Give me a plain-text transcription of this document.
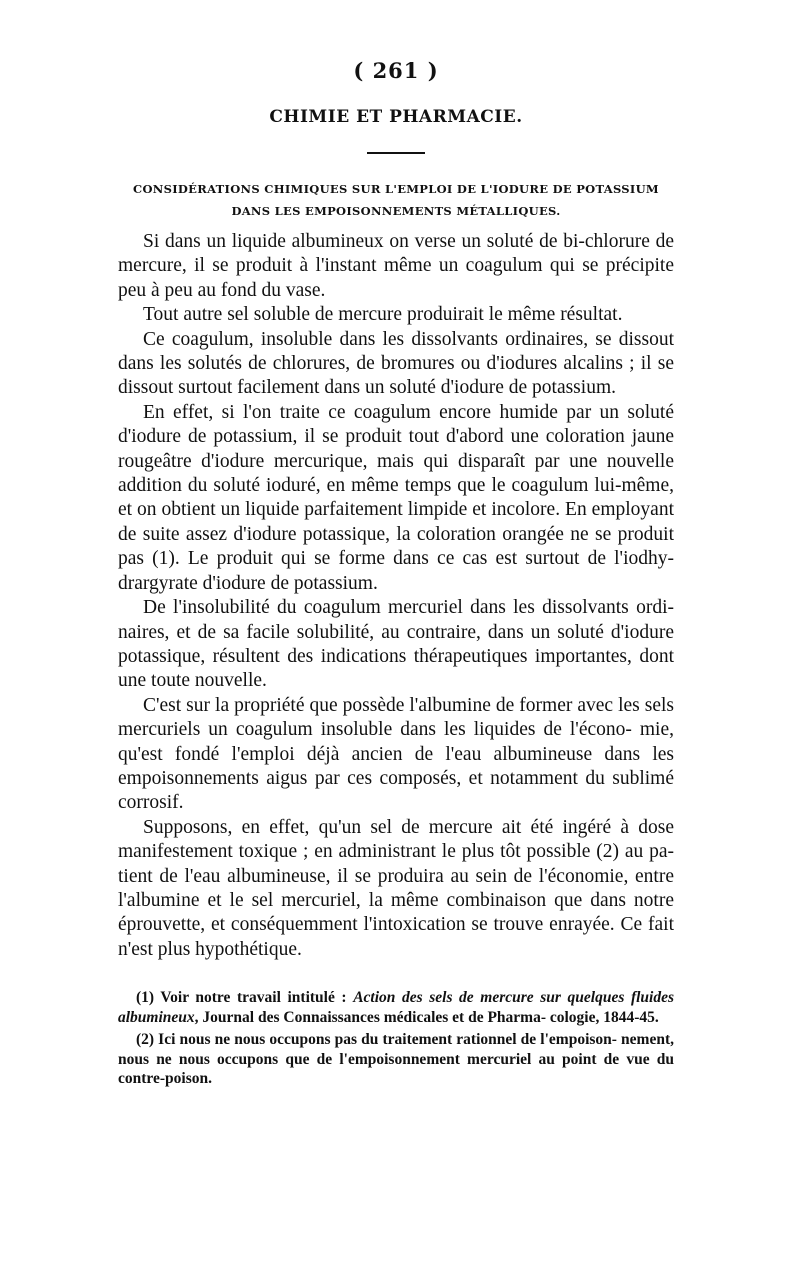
( 261 )
CHIMIE ET PHARMACIE.
CONSIDÉRATIONS CHIMIQUES SUR L'EMPLOI DE L'IODURE DE POTASSIUM
DANS LES EMPOISONNEMENTS MÉTALLIQUES.

Si dans un liquide albumineux on verse un soluté de bi-chlorure de mercure, il se produit à l'instant même un coagulum qui se précipite peu à peu au fond du vase.

Tout autre sel soluble de mercure produirait le même résultat.

Ce coagulum, insoluble dans les dissolvants ordinaires, se dissout dans les solutés de chlorures, de bromures ou d'iodures alcalins ; il se dissout surtout facilement dans un soluté d'iodure de potassium.

En effet, si l'on traite ce coagulum encore humide par un soluté d'iodure de potassium, il se produit tout d'abord une coloration jaune rougeâtre d'iodure mercurique, mais qui disparaît par une nouvelle addition du soluté ioduré, en même temps que le coagulum lui-même, et on obtient un liquide parfaitement limpide et incolore. En employant de suite assez d'iodure potassique, la coloration orangée ne se produit pas (1). Le produit qui se forme dans ce cas est surtout de l'iodhy- drargyrate d'iodure de potassium.

De l'insolubilité du coagulum mercuriel dans les dissolvants ordi- naires, et de sa facile solubilité, au contraire, dans un soluté d'iodure potassique, résultent des indications thérapeutiques importantes, dont une toute nouvelle.

C'est sur la propriété que possède l'albumine de former avec les sels mercuriels un coagulum insoluble dans les liquides de l'écono- mie, qu'est fondé l'emploi déjà ancien de l'eau albumineuse dans les empoisonnements aigus par ces composés, et notamment du sublimé corrosif.

Supposons, en effet, qu'un sel de mercure ait été ingéré à dose manifestement toxique ; en administrant le plus tôt possible (2) au pa- tient de l'eau albumineuse, il se produira au sein de l'économie, entre l'albumine et le sel mercuriel, la même combinaison que dans notre éprouvette, et conséquemment l'intoxication se trouve enrayée. Ce fait n'est plus hypothétique.

(1) Voir notre travail intitulé : Action des sels de mercure sur quelques fluides albumineux, Journal des Connaissances médicales et de Pharma- cologie, 1844-45.

(2) Ici nous ne nous occupons pas du traitement rationnel de l'empoison- nement, nous ne nous occupons que de l'empoisonnement mercuriel au point de vue du contre-poison.
